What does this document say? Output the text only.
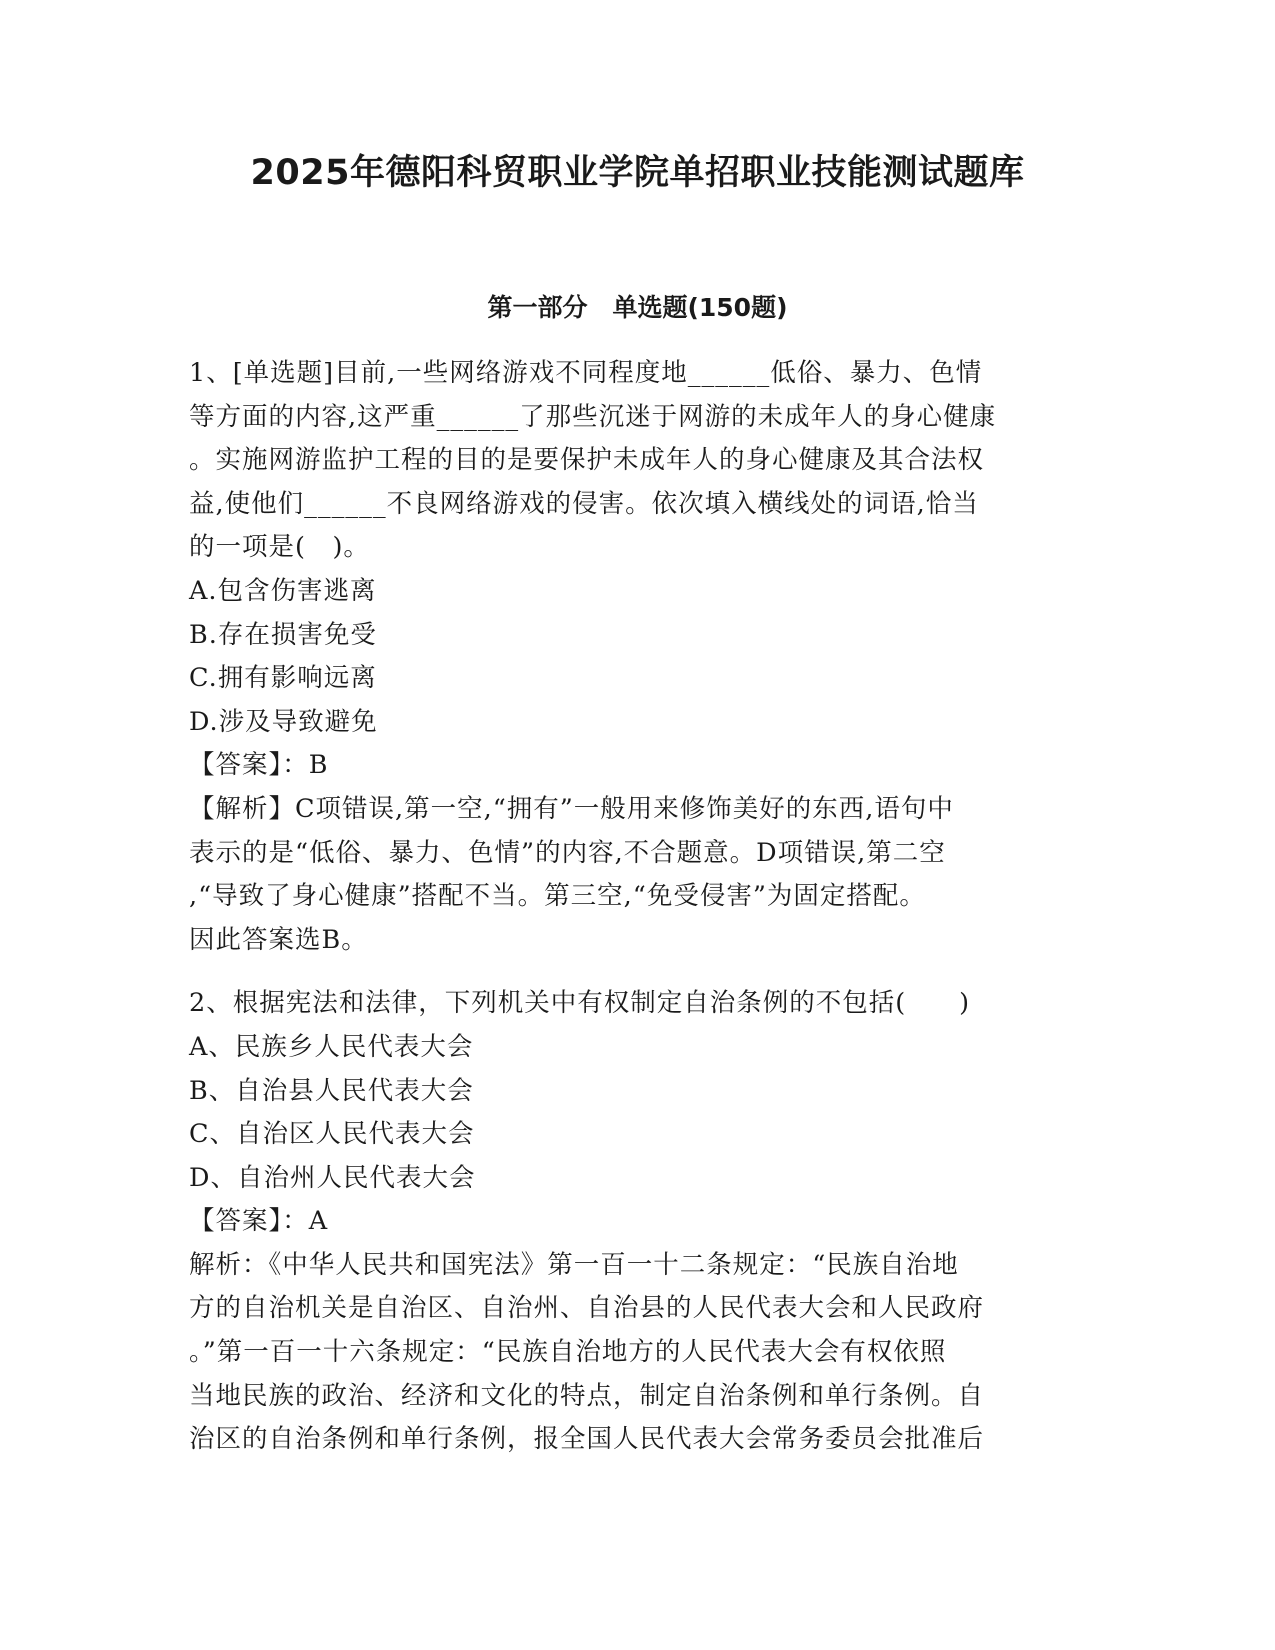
2025年德阳科贸职业学院单招职业技能测试题库
第一部分　单选题(150题)
1、[单选题]目前,一些网络游戏不同程度地______低俗、暴力、色情
等方面的内容,这严重______了那些沉迷于网游的未成年人的身心健康
。实施网游监护工程的目的是要保护未成年人的身心健康及其合法权
益,使他们______不良网络游戏的侵害。依次填入横线处的词语,恰当
的一项是(　)。
A.包含伤害逃离
B.存在损害免受
C.拥有影响远离
D.涉及导致避免
【答案】：B
【解析】C项错误,第一空,“拥有”一般用来修饰美好的东西,语句中
表示的是“低俗、暴力、色情”的内容,不合题意。D项错误,第二空
,“导致了身心健康”搭配不当。第三空,“免受侵害”为固定搭配。
因此答案选B。
2、根据宪法和法律，下列机关中有权制定自治条例的不包括(　　)
A、民族乡人民代表大会
B、自治县人民代表大会
C、自治区人民代表大会
D、自治州人民代表大会
【答案】：A
解析：《中华人民共和国宪法》第一百一十二条规定：“民族自治地
方的自治机关是自治区、自治州、自治县的人民代表大会和人民政府
。”第一百一十六条规定：“民族自治地方的人民代表大会有权依照
当地民族的政治、经济和文化的特点，制定自治条例和单行条例。自
治区的自治条例和单行条例，报全国人民代表大会常务委员会批准后
